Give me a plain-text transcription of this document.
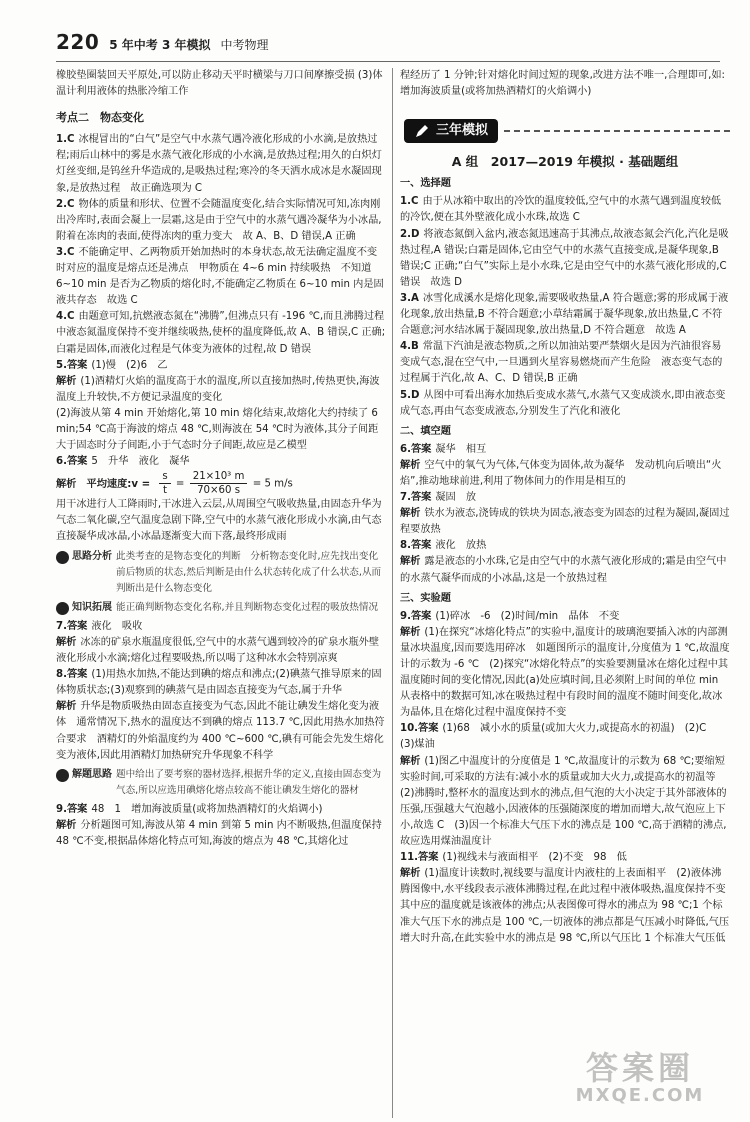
220 5 年中考 3 年模拟 中考物理

橡胶垫圈装回天平原处,可以防止移动天平时横梁与刀口间摩擦受损 (3)体温计利用液体的热胀冷缩工作

考点二　物态变化

1.C 冰棍冒出的“白气”是空气中水蒸气遇冷液化形成的小水滴,是放热过程;雨后山林中的雾是水蒸气液化形成的小水滴,是放热过程;用久的白炽灯灯丝变细,是钨丝升华造成的,是吸热过程;寒冷的冬天洒水成冰是水凝固现象,是放热过程　故正确选项为 C

2.C 物体的质量和形状、位置不会随温度变化,结合实际情况可知,冻肉刚出冷库时,表面会凝上一层霜,这是由于空气中的水蒸气遇冷凝华为小冰晶,附着在冻肉的表面,使得冻肉的重力变大　故 A、B、D 错误,A 正确

3.C 不能确定甲、乙两物质开始加热时的本身状态,故无法确定温度不变时对应的温度是熔点还是沸点　甲物质在 4~6 min 持续吸热　不知道 6~10 min 是否为乙物质的熔化时,不能确定乙物质在 6~10 min 内是固液共存态　故选 C

4.C 由题意可知,抗燃液态氮在“沸腾”,但沸点只有 -196 ℃,而且沸腾过程中液态氮温度保持不变并继续吸热,使杯的温度降低,故 A、B 错误,C 正确;白霜是固体,而液化过程是气体变为液体的过程,故 D 错误

5.答案 (1)慢　(2)6　乙

解析 (1)酒精灯火焰的温度高于水的温度,所以直接加热时,传热更快,海波温度上升较快,不方便记录温度的变化

(2)海波从第 4 min 开始熔化,第 10 min 熔化结束,故熔化大约持续了 6 min;54 ℃高于海波的熔点 48 ℃,则海波在 54 ℃时为液体,其分子间距大于固态时分子间距,小于气态时分子间距,故应是乙模型

6.答案 5　升华　液化　凝华

解析　平均速度:v = $\frac{s}{t} = \frac{\text{21×10³ m}}{70\times 60 s} = 5$ m/s

用干冰进行人工降雨时,干冰进入云层,从周围空气吸收热量,由固态升华为气态二氧化碳,空气温度急剧下降,空气中的水蒸气液化形成小水滴,由气态直接凝华成冰晶,小冰晶逐渐变大而下落,最终形成雨

思路分析 此类考查的是物态变化的判断　分析物态变化时,应先找出变化前后物质的状态,然后判断是由什么状态转化成了什么状态,从而判断出是什么物态变化
知识拓展 能正确判断物态变化名称,并且判断物态变化过程的吸放热情况

7.答案 液化　吸收

解析 冰冻的矿泉水瓶温度很低,空气中的水蒸气遇到较冷的矿泉水瓶外壁液化形成小水滴;熔化过程要吸热,所以喝了这种冰水会特别凉爽

8.答案 (1)用热水加热,不能达到碘的熔点和沸点;(2)碘蒸气推导原来的固体物质状态;(3)观察到的碘蒸气是由固态直接变为气态,属于升华

解析 升华是物质吸热由固态直接变为气态,因此不能让碘发生熔化变为液体　通常情况下,热水的温度达不到碘的熔点 113.7 ℃,因此用热水加热符合要求　酒精灯的外焰温度约为 400 ℃~600 ℃,碘有可能会先发生熔化变为液体,因此用酒精灯加热研究升华现象不科学

解题思路 题中给出了要考察的器材选择,根据升华的定义,直接由固态变为气态,所以应选用碘熔化熔点较高不能让碘发生熔化的器材

9.答案 48　1　增加海波质量(或将加热酒精灯的火焰调小)

解析 分析题图可知,海波从第 4 min 到第 5 min 内不断吸热,但温度保持 48 ℃不变,根据晶体熔化特点可知,海波的熔点为 48 ℃,其熔化过

程经历了 1 分钟;针对熔化时间过短的现象,改进方法不唯一,合理即可,如:增加海波质量(或将加热酒精灯的火焰调小)

三年模拟
A 组　2017—2019 年模拟 · 基础题组
一、选择题

1.C 由于从冰箱中取出的冷饮的温度较低,空气中的水蒸气遇到温度较低的冷饮,便在其外壁液化成小水珠,故选 C

2.D 将液态氮倒入盆内,液态氮迅速高于其沸点,故液态氮会汽化,汽化是吸热过程,A 错误;白霜是固体,它由空气中的水蒸气直接变成,是凝华现象,B 错误;C 正确;“白气”实际上是小水珠,它是由空气中的水蒸气液化形成的,C 错误　故选 D

3.A 冰雪化成溪水是熔化现象,需要吸收热量,A 符合题意;雾的形成属于液化现象,放出热量,B 不符合题意;小草结霜属于凝华现象,放出热量,C 不符合题意;河水结冰属于凝固现象,放出热量,D 不符合题意　故选 A

4.B 常温下汽油是液态物质,之所以加油站要严禁烟火是因为汽油很容易变成气态,混在空气中,一旦遇到火星容易燃烧而产生危险　液态变气态的过程属于汽化,故 A、C、D 错误,B 正确

5.D 从图中可看出海水加热后变成水蒸气,水蒸气又变成淡水,即由液态变成气态,再由气态变成液态,分别发生了汽化和液化

二、填空题

6.答案 凝华　相互

解析 空气中的氧气为气体,气体变为固体,故为凝华　发动机向后喷出“火焰”,推动地球前进,利用了物体间力的作用是相互的

7.答案 凝固　放

解析 铁水为液态,浇铸成的铁块为固态,液态变为固态的过程为凝固,凝固过程要放热

8.答案 液化　放热

解析 露是液态的小水珠,它是由空气中的水蒸气液化形成的;霜是由空气中的水蒸气凝华而成的小冰晶,这是一个放热过程

三、实验题

9.答案 (1)碎冰　-6　(2)时间/min　晶体　不变

解析 (1)在探究“冰熔化特点”的实验中,温度计的玻璃泡要插入冰的内部测量冰块温度,因而要选用碎冰　如题图所示的温度计,分度值为 1 ℃,故温度计的示数为 -6 ℃　(2)探究“冰熔化特点”的实验要测量冰在熔化过程中其温度随时间的变化情况,因此(a)处应填时间,且必须附上时间的单位 min　从表格中的数据可知,冰在吸热过程中有段时间的温度不随时间变化,故冰为晶体,且在熔化过程中温度保持不变

10.答案 (1)68　减小水的质量(或加大火力,或提高水的初温)　(2)C　(3)煤油

解析 (1)图乙中温度计的分度值是 1 ℃,故温度计的示数为 68 ℃;要缩短实验时间,可采取的方法有:减小水的质量或加大火力,或提高水的初温等　(2)沸腾时,整杯水的温度达到水的沸点,但气泡的大小决定于其外部液体的压强,压强越大气泡越小,因液体的压强随深度的增加而增大,故气泡应上下小,故选 C　(3)因一个标准大气压下水的沸点是 100 ℃,高于酒精的沸点,故应选用煤油温度计

11.答案 (1)视线未与液面相平　(2)不变　98　低

解析 (1)温度计读数时,视线要与温度计内液柱的上表面相平　(2)液体沸腾图像中,水平线段表示液体沸腾过程,在此过程中液体吸热,温度保持不变　其中应的温度就是该液体的沸点;从表图像可得水的沸点为 98 ℃;1 个标准大气压下水的沸点是 100 ℃,一切液体的沸点都是气压减小时降低,气压增大时升高,在此实验中水的沸点是 98 ℃,所以气压比 1 个标准大气压低

答案圈
MXQE.COM
